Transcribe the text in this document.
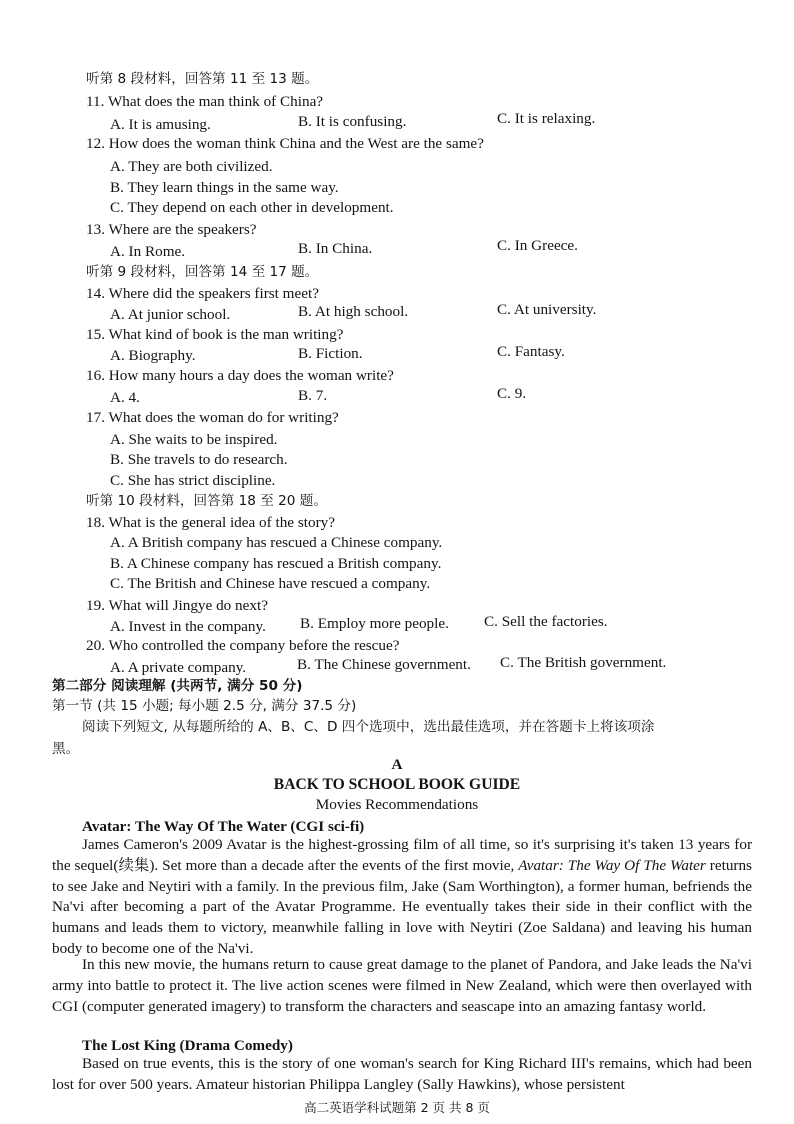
听第 8 段材料，回答第 11 至 13 题。
11. What does the man think of China?
A. It is amusing.	B. It is confusing.	C. It is relaxing.
12. How does the woman think China and the West are the same?
A. They are both civilized.
B. They learn things in the same way.
C. They depend on each other in development.
13. Where are the speakers?
A. In Rome.	B. In China.	C. In Greece.
听第 9 段材料，回答第 14 至 17 题。
14. Where did the speakers first meet?
A. At junior school.	B. At high school.	C. At university.
15. What kind of book is the man writing?
A. Biography.	B. Fiction.	C. Fantasy.
16. How many hours a day does the woman write?
A. 4.	B. 7.	C. 9.
17. What does the woman do for writing?
A. She waits to be inspired.
B. She travels to do research.
C. She has strict discipline.
听第 10 段材料，回答第 18 至 20 题。
18. What is the general idea of the story?
A. A British company has rescued a Chinese company.
B. A Chinese company has rescued a British company.
C. The British and Chinese have rescued a company.
19. What will Jingye do next?
A. Invest in the company. B. Employ more people. C. Sell the factories.
20. Who controlled the company before the rescue?
A. A private company.	B. The Chinese government. C. The British government.
第二部分 阅读理解 (共两节, 满分 50 分)
第一节 (共 15 小题; 每小题 2.5 分, 满分 37.5 分)
阅读下列短文, 从每题所给的 A、B、C、D 四个选项中，选出最佳选项，并在答题卡上将该项涂
黑。
A
BACK TO SCHOOL BOOK GUIDE
Movies Recommendations
Avatar: The Way Of The Water (CGI sci-fi)
James Cameron's 2009 Avatar is the highest-grossing film of all time, so it's surprising it's taken 13 years for the sequel(续集). Set more than a decade after the events of the first movie, Avatar: The Way Of The Water returns to see Jake and Neytiri with a family. In the previous film, Jake (Sam Worthington), a former human, befriends the Na'vi after becoming a part of the Avatar Programme. He eventually takes their side in their conflict with the humans and leads them to victory, meanwhile falling in love with Neytiri (Zoe Saldana) and leaving his human body to become one of the Na'vi.
In this new movie, the humans return to cause great damage to the planet of Pandora, and Jake leads the Na'vi army into battle to protect it. The live action scenes were filmed in New Zealand, which were then overlayed with CGI (computer generated imagery) to transform the characters and seascape into an amazing fantasy world.
The Lost King (Drama Comedy)
Based on true events, this is the story of one woman's search for King Richard III's remains, which had been lost for over 500 years. Amateur historian Philippa Langley (Sally Hawkins), whose persistent
高二英语学科试题第 2 页 共 8 页
